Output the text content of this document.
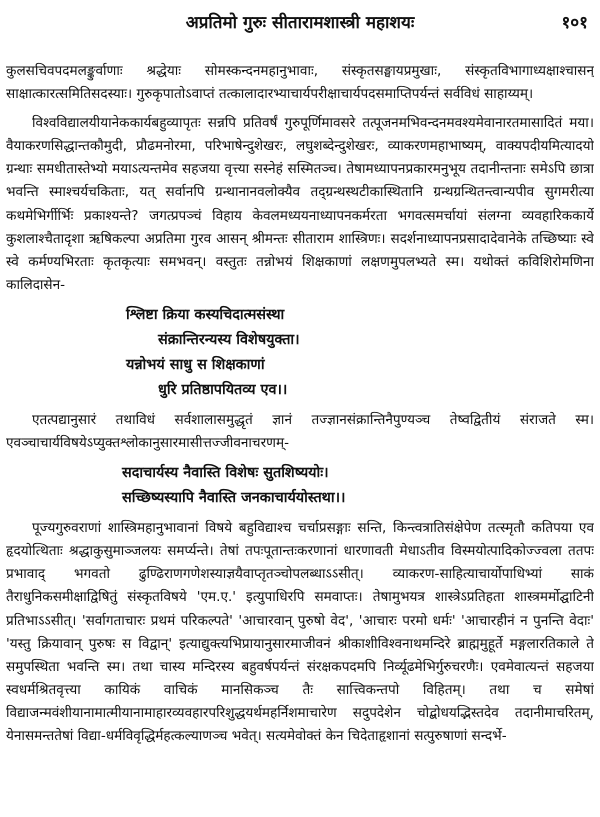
अप्रतिमो गुरुः सीतारामशास्त्री महाशयः	१०१

कुलसचिवपदमलङ्कुर्वाणाः श्रद्धेयाः सोमस्कन्दनमहानुभावाः, संस्कृतसङ्घायप्रमुखाः, संस्कृतविभागाध्यक्षाश्चासन् साक्षात्कारत्समितिसदस्याः। गुरुकृपातोऽवाप्तं तत्कालादारभ्याचार्यपरीक्षाचार्यपदसमाप्तिपर्यन्तं सर्वविधं साहाय्यम्।

विश्वविद्यालयीयानेककार्यबहुव्यापृतः सन्नपि प्रतिवर्षं गुरुपूर्णिमावसरे तत्पूजनमभिवन्दनमवश्यमेवानारतमासादितं मया। वैयाकरणसिद्धान्तकौमुदी, प्रौढमनोरमा, परिभाषेन्दुशेखरः, लघुशब्देन्दुशेखरः, व्याकरणमहाभाष्यम्, वाक्यपदीयमित्यादयो ग्रन्थाः समधीतास्तेभ्यो मयाऽत्यन्तमेव सहजया वृत्त्या सस्नेहं सस्मितञ्च। तेषामध्यापनप्रकारमनुभूय तदानीन्तनाः समेऽपि छात्रा भवन्ति स्माश्चर्यचकिताः, यत् सर्वानपि ग्रन्थानानवलोक्यैव तद्ग्रन्थस्थटीकास्थितानि ग्रन्थग्रन्थितन्त्वान्यपीव सुगमरीत्या कथमेभिर्गीर्भिः प्रकाश्यन्ते? जगत्प्रपञ्चं विहाय केवलमध्ययनाध्यापनकर्मरता भगवत्समर्चायां संलग्ना व्यवहारिककार्ये कुशलाश्चैतादृशा ऋषिकल्पा अप्रतिमा गुरव आसन् श्रीमन्तः सीताराम शास्त्रिणः। सदर्शनाध्यापनप्रसादादेवानेके तच्छिष्याः स्वे स्वे कर्मण्यभिरताः कृतकृत्याः समभवन्। वस्तुतः तन्नोभयं शिक्षकाणां लक्षणमुपलभ्यते स्म। यथोक्तं कविशिरोमणिना कालिदासेन-

श्लिष्टा क्रिया कस्यचिदात्मसंस्था
संक्रान्तिरन्यस्य विशेषयुक्ता।
यन्नोभयं साधु स शिक्षकाणां
धुरि प्रतिष्ठापयितव्य एव।।

एतत्पद्यानुसारं तथाविधं सर्वशालासमुद्धृतं ज्ञानं तज्ज्ञानसंक्रान्तिनैपुण्यञ्च तेष्वद्वितीयं संराजते स्म। एवञ्चाचार्यविषयेऽप्युक्तश्लोकानुसारमासीत्तज्जीवनाचरणम्-

सदाचार्यस्य नैवास्ति विशेषः सुतशिष्ययोः।
सच्छिष्यस्यापि नैवास्ति जनकाचार्ययोस्तथा।।

पूज्यगुरुवराणां शास्त्रिमहानुभावानां विषये बहुविद्याश्च चर्चाप्रसङ्गाः सन्ति, किन्त्वत्रातिसंक्षेपेण तत्स्मृतौ कतिपया एव हृदयोत्थिताः श्रद्धाकुसुमाञ्जलयः समर्प्यन्ते। तेषां तपःपूतान्तःकरणानां धारणावती मेधाऽतीव विस्मयोत्पादिकोज्ज्वला ततपः प्रभावाद् भगवतो ढुण्ढिराणगणेशस्याज्ञयैवाप्तृतञ्चोपलब्धाऽऽसीत्। व्याकरण-साहित्याचार्योपाधिभ्यां साकं तैराधुनिकसमीक्षाद्विषितुं संस्कृतविषये 'एम.ए.' इत्युपाधिरपि समवाप्तः। तेषामुभयत्र शास्त्रेऽप्रतिहता शास्त्रमर्मोद्घाटिनी प्रतिभाऽऽसीत्। 'सर्वागताचारः प्रथमं परिकल्पते' 'आचारवान् पुरुषो वेद', 'आचारः परमो धर्मः' 'आचारहीनं न पुनन्ति वेदाः' 'यस्तु क्रियावान् पुरुषः स विद्वान्' इत्याद्युक्त्यभिप्रायानुसारमाजीवनं श्रीकाशीविश्वनाथमन्दिरे ब्राह्ममुहूर्ते मङ्गलारतिकाले ते समुपस्थिता भवन्ति स्म। तथा चास्य मन्दिरस्य बहुवर्षपर्यन्तं संरक्षकपदमपि निर्व्यूढमेभिर्गुरुचरणैः। एवमेवात्यन्तं सहजया स्वधर्मश्रितवृत्त्या कायिकं वाचिकं मानसिकञ्च तैः सात्त्विकन्तपो विहितम्। तथा च समेषां विद्याजन्मवंशीयानामात्मीयानामाहारव्यवहारपरिशुद्धयर्थमहर्निशमाचारेण सदुपदेशेन चोद्बोधयद्भिस्तदेव तदानीमाचरितम्, येनासमन्ततेषां विद्या-धर्मविवृद्धिर्महत्कल्याणञ्च भवेत्। सत्यमेवोक्तं केन चिदेताहृशानां सत्पुरुषाणां सन्दर्भे-
